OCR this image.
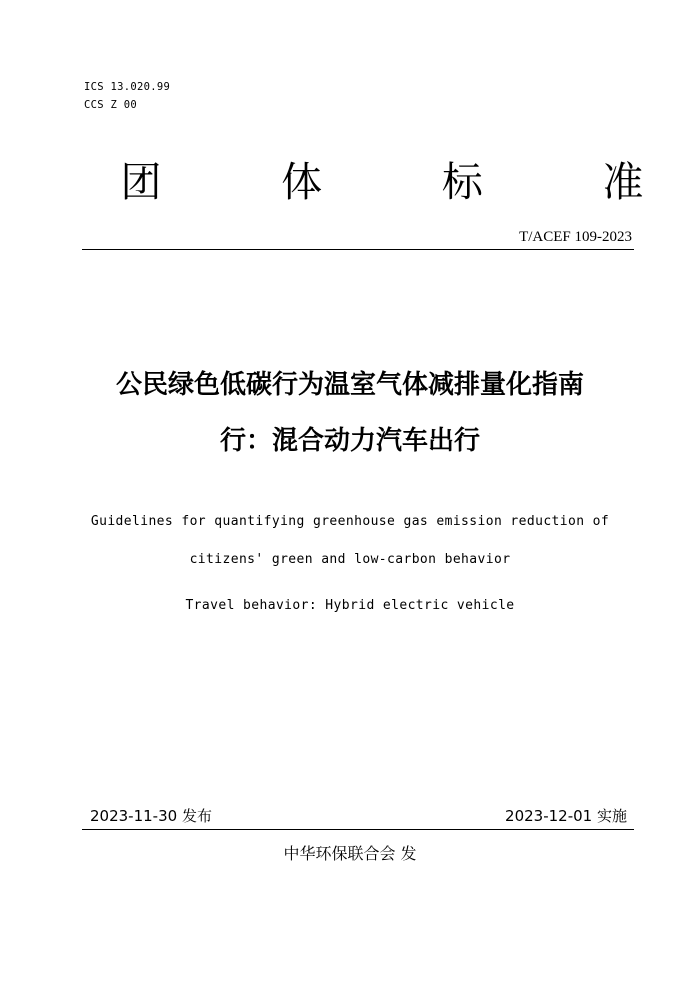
ICS 13.020.99
CCS Z 00
团	体	标	准
T/ACEF 109-2023
公民绿色低碳行为温室气体减排量化指南
行：混合动力汽车出行
Guidelines for quantifying greenhouse gas emission reduction of
citizens' green and low-carbon behavior
Travel behavior: Hybrid electric vehicle
2023-11-30 发布	2023-12-01 实施
中华环保联合会 发
